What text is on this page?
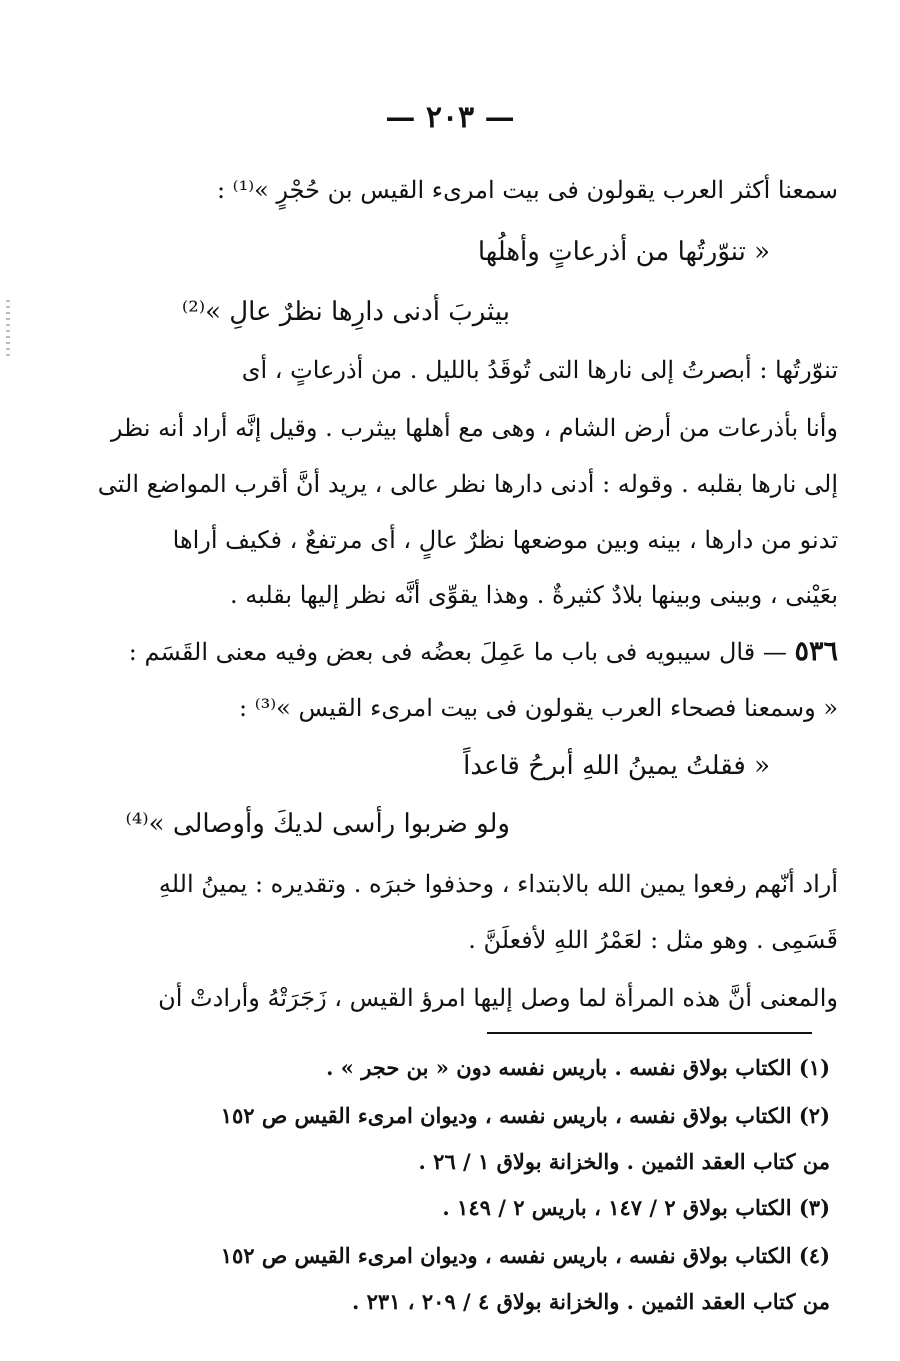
— ٢٠٣ —
سمعنا أكثر العرب يقولون فى بيت امرىء القيس بن حُجْرٍ »⁽¹⁾ :
« تنوّرتُها من أذرعاتٍ وأهلُها
بيثربَ أدنى دارِها نظرٌ عالِ »⁽²⁾
تنوّرتُها : أبصرتُ إلى نارها التى تُوقَدُ بالليل . من أذرعاتٍ ، أى
وأنا بأذرعات من أرض الشام ، وهى مع أهلها بيثرب . وقيل إنَّه أراد أنه نظر
إلى نارها بقلبه . وقوله : أدنى دارها نظر عالى ، يريد أنَّ أقرب المواضع التى
تدنو من دارها ، بينه وبين موضعها نظرٌ عالٍ ، أى مرتفعٌ ، فكيف أراها
بعَيْنى ، وبينى وبينها بلادٌ كثيرةٌ . وهذا يقوِّى أنَّه نظر إليها بقلبه .
٥٣٦ — قال سيبويه فى باب ما عَمِلَ بعضُه فى بعض وفيه معنى القَسَم :
« وسمعنا فصحاء العرب يقولون فى بيت امرىء القيس »⁽³⁾ :
« فقلتُ يمينُ اللهِ أبرحُ قاعداً
ولو ضربوا رأسى لديكَ وأوصالى »⁽⁴⁾
أراد أنّهم رفعوا يمين الله بالابتداء ، وحذفوا خبرَه . وتقديره : يمينُ اللهِ
قَسَمِى . وهو مثل : لعَمْرُ اللهِ لأفعلَنَّ .
والمعنى أنَّ هذه المرأة لما وصل إليها امرؤ القيس ، زَجَرَتْهُ وأرادتْ أن
(١) الكتاب بولاق نفسه . باريس نفسه دون « بن حجر » .
(٢) الكتاب بولاق نفسه ، باريس نفسه ، وديوان امرىء القيس ص ١٥٢
من كتاب العقد الثمين . والخزانة بولاق ١ / ٢٦ .
(٣) الكتاب بولاق ٢ / ١٤٧ ، باريس ٢ / ١٤٩ .
(٤) الكتاب بولاق نفسه ، باريس نفسه ، وديوان امرىء القيس ص ١٥٢
من كتاب العقد الثمين . والخزانة بولاق ٤ / ٢٠٩ ، ٢٣١ .
